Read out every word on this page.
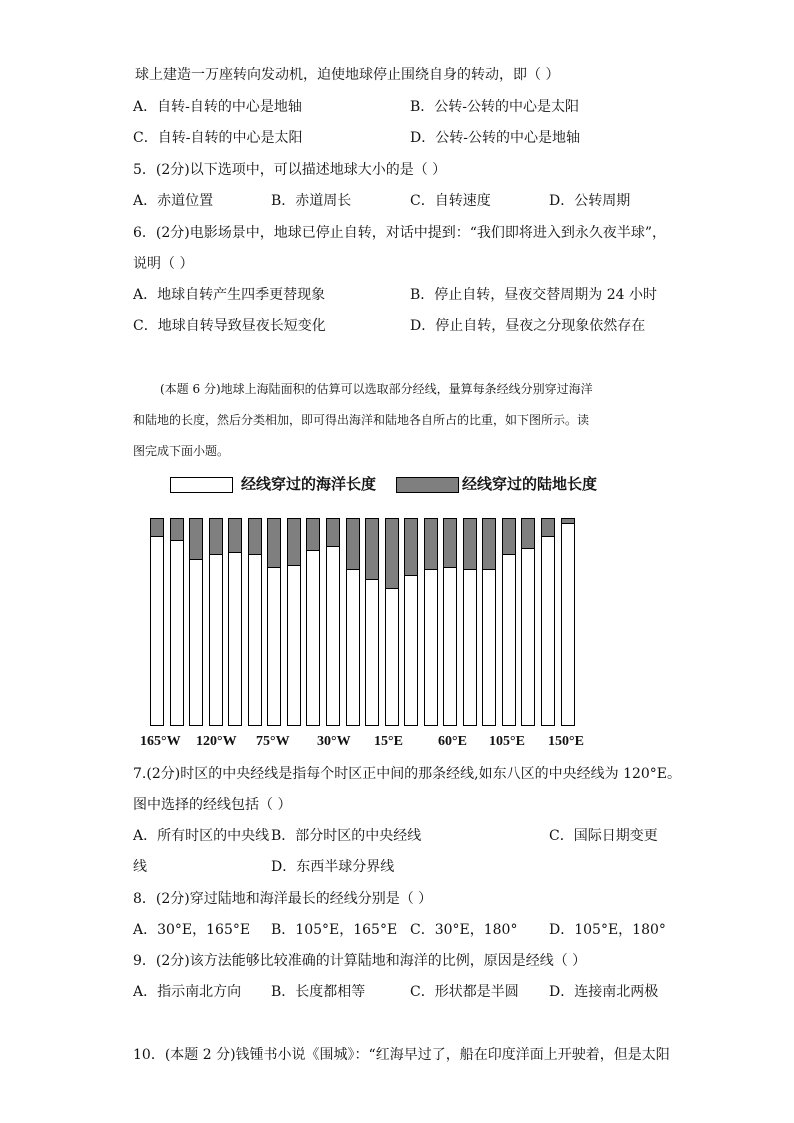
球上建造一万座转向发动机，迫使地球停止围绕自身的转动，即（ ）
A．自转-自转的中心是地轴	B．公转-公转的中心是太阳
C．自转-自转的中心是太阳	D．公转-公转的中心是地轴
5．(2分)以下选项中，可以描述地球大小的是（ ）
A．赤道位置	B．赤道周长	C．自转速度	D．公转周期
6．(2分)电影场景中，地球已停止自转，对话中提到：“我们即将进入到永久夜半球”，
说明（ ）
A．地球自转产生四季更替现象	B．停止自转，昼夜交替周期为 24 小时
C．地球自转导致昼夜长短变化	D．停止自转，昼夜之分现象依然存在
(本题 6 分)地球上海陆面积的估算可以选取部分经线，量算每条经线分别穿过海洋
和陆地的长度，然后分类相加，即可得出海洋和陆地各自所占的比重，如下图所示。读
图完成下面小题。
经线穿过的海洋长度	经线穿过的陆地长度
165°W 120°W 75°W 30°W 15°E	60°E 105°E 150°E
7.(2分)时区的中央经线是指每个时区正中间的那条经线,如东八区的中央经线为 120°E。
图中选择的经线包括（ ）
A．所有时区的中央线 B．部分时区的中央经线	C．国际日期变更
线	D．东西半球分界线
8．(2分)穿过陆地和海洋最长的经线分别是（ ）
A．30°E，165°E B．105°E，165°E C．30°E，180° D．105°E，180°
9．(2分)该方法能够比较准确的计算陆地和海洋的比例，原因是经线（ ）
A．指示南北方向 B．长度都相等	C．形状都是半圆 D．连接南北两极
10．(本题 2 分)钱锺书小说《围城》：“红海早过了，船在印度洋面上开驶着，但是太阳
